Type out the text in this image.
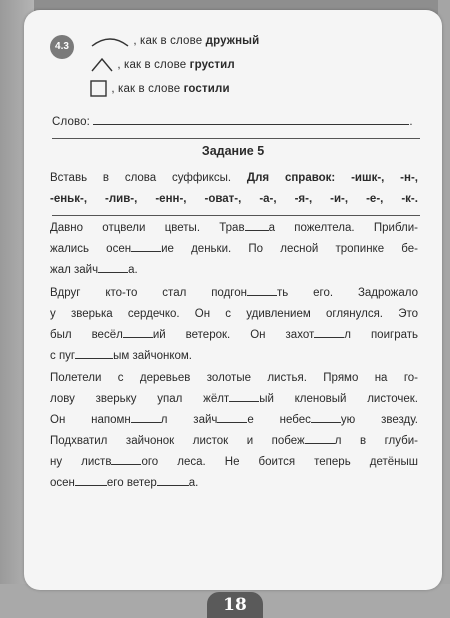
4.3	, как в слове дружный
, как в слове грустил
, как в слове гостили
Слово:	.
Задание 5
Вставь в слова суффиксы. Для справок: -ишк-, -н-,
-еньк-, -лив-, -енн-, -оват-, -а-, -я-, -и-, -е-, -к-.
Давно отцвели цветы. Трав а пожелтела. Прибли-
жались осен	ие деньки. По лесной тропинке бе-
жал зайч	а.
Вдруг кто-то стал подгон	ть его. Задрожало
у зверька сердечко. Он с удивлением оглянулся. Это
был весёл	ий ветерок. Он захот	л поиграть
с пуг	ым зайчонком.
Полетели с деревьев золотые листья. Прямо на го-
лову зверьку упал жёлт	ый кленовый листочек.
Он напомн	л зайч	е небес	ую звезду.
Подхватил зайчонок листок и побеж	л в глуби-
ну листв	ого леса. Не боится теперь детёныш
осен	его ветер	а.
18
